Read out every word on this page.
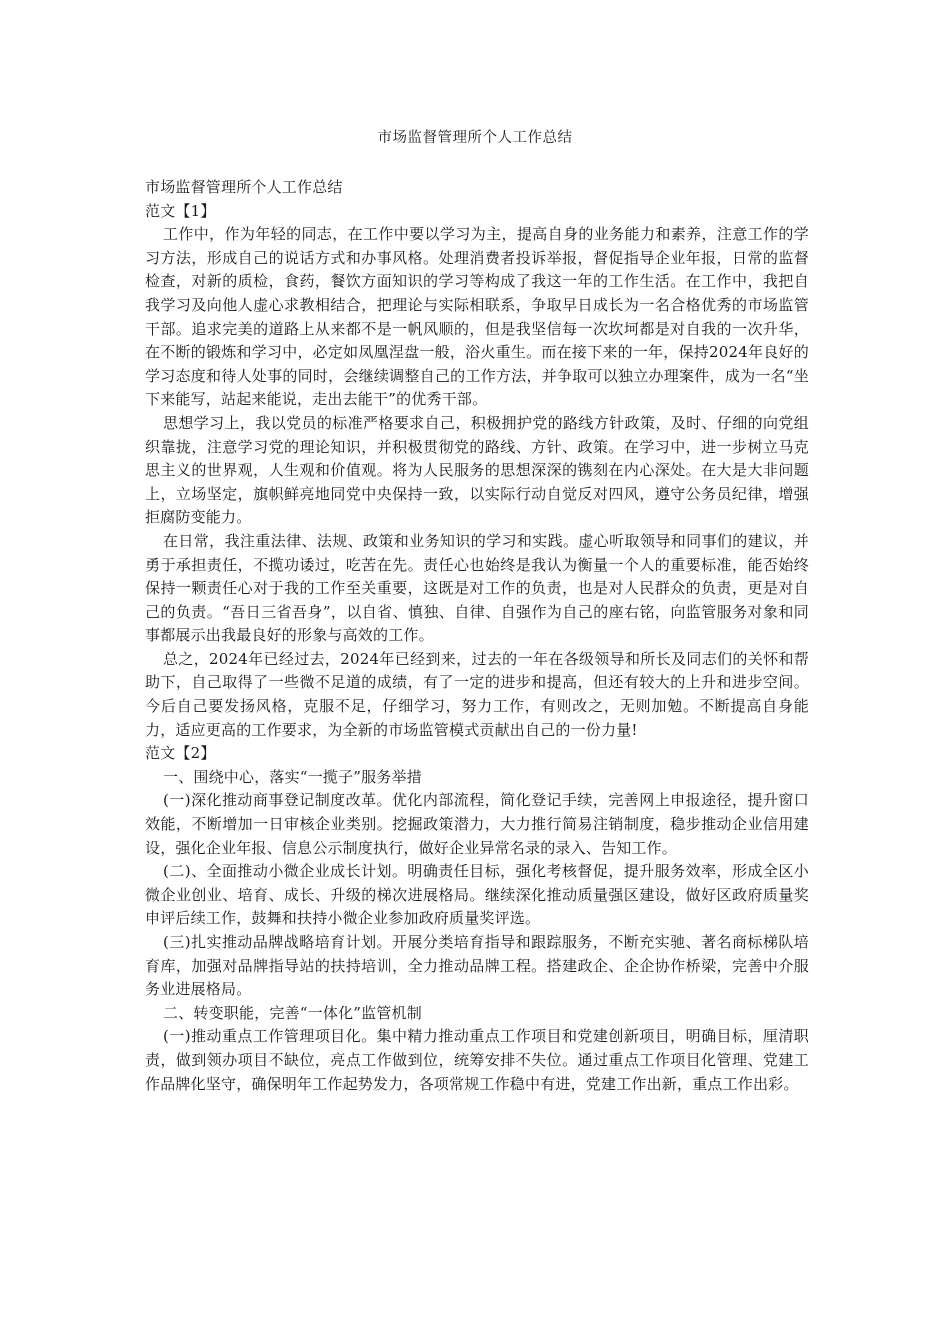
市场监督管理所个人工作总结

市场监督管理所个人工作总结

范文【1】

工作中，作为年轻的同志，在工作中要以学习为主，提高自身的业务能力和素养，注意工作的学习方法，形成自己的说话方式和办事风格。处理消费者投诉举报，督促指导企业年报，日常的监督检查，对新的质检，食药，餐饮方面知识的学习等构成了我这一年的工作生活。在工作中，我把自我学习及向他人虚心求教相结合，把理论与实际相联系，争取早日成长为一名合格优秀的市场监管干部。追求完美的道路上从来都不是一帆风顺的，但是我坚信每一次坎坷都是对自我的一次升华，在不断的锻炼和学习中，必定如凤凰涅盘一般，浴火重生。而在接下来的一年，保持2024年良好的学习态度和待人处事的同时，会继续调整自己的工作方法，并争取可以独立办理案件，成为一名“坐下来能写，站起来能说，走出去能干”的优秀干部。

思想学习上，我以党员的标准严格要求自己，积极拥护党的路线方针政策，及时、仔细的向党组织靠拢，注意学习党的理论知识，并积极贯彻党的路线、方针、政策。在学习中，进一步树立马克思主义的世界观，人生观和价值观。将为人民服务的思想深深的镌刻在内心深处。在大是大非问题上，立场坚定，旗帜鲜亮地同党中央保持一致，以实际行动自觉反对四风，遵守公务员纪律，增强拒腐防变能力。

在日常，我注重法律、法规、政策和业务知识的学习和实践。虚心听取领导和同事们的建议，并勇于承担责任，不揽功诿过，吃苦在先。责任心也始终是我认为衡量一个人的重要标准，能否始终保持一颗责任心对于我的工作至关重要，这既是对工作的负责，也是对人民群众的负责，更是对自己的负责。“吾日三省吾身”，以自省、慎独、自律、自强作为自己的座右铭，向监管服务对象和同事都展示出我最良好的形象与高效的工作。

总之，2024年已经过去，2024年已经到来，过去的一年在各级领导和所长及同志们的关怀和帮助下，自己取得了一些微不足道的成绩，有了一定的进步和提高，但还有较大的上升和进步空间。今后自己要发扬风格，克服不足，仔细学习，努力工作，有则改之，无则加勉。不断提高自身能力，适应更高的工作要求，为全新的市场监管模式贡献出自己的一份力量!

范文【2】

一、围绕中心，落实“一揽子”服务举措

(一)深化推动商事登记制度改革。优化内部流程，简化登记手续，完善网上申报途径，提升窗口效能，不断增加一日审核企业类别。挖掘政策潜力，大力推行简易注销制度，稳步推动企业信用建设，强化企业年报、信息公示制度执行，做好企业异常名录的录入、告知工作。

(二)、全面推动小微企业成长计划。明确责任目标，强化考核督促，提升服务效率，形成全区小微企业创业、培育、成长、升级的梯次进展格局。继续深化推动质量强区建设，做好区政府质量奖申评后续工作，鼓舞和扶持小微企业参加政府质量奖评选。

(三)扎实推动品牌战略培育计划。开展分类培育指导和跟踪服务，不断充实驰、著名商标梯队培育库，加强对品牌指导站的扶持培训，全力推动品牌工程。搭建政企、企企协作桥梁，完善中介服务业进展格局。

二、转变职能，完善“一体化”监管机制

(一)推动重点工作管理项目化。集中精力推动重点工作项目和党建创新项目，明确目标，厘清职责，做到领办项目不缺位，亮点工作做到位，统筹安排不失位。通过重点工作项目化管理、党建工作品牌化坚守，确保明年工作起势发力，各项常规工作稳中有进，党建工作出新，重点工作出彩。
